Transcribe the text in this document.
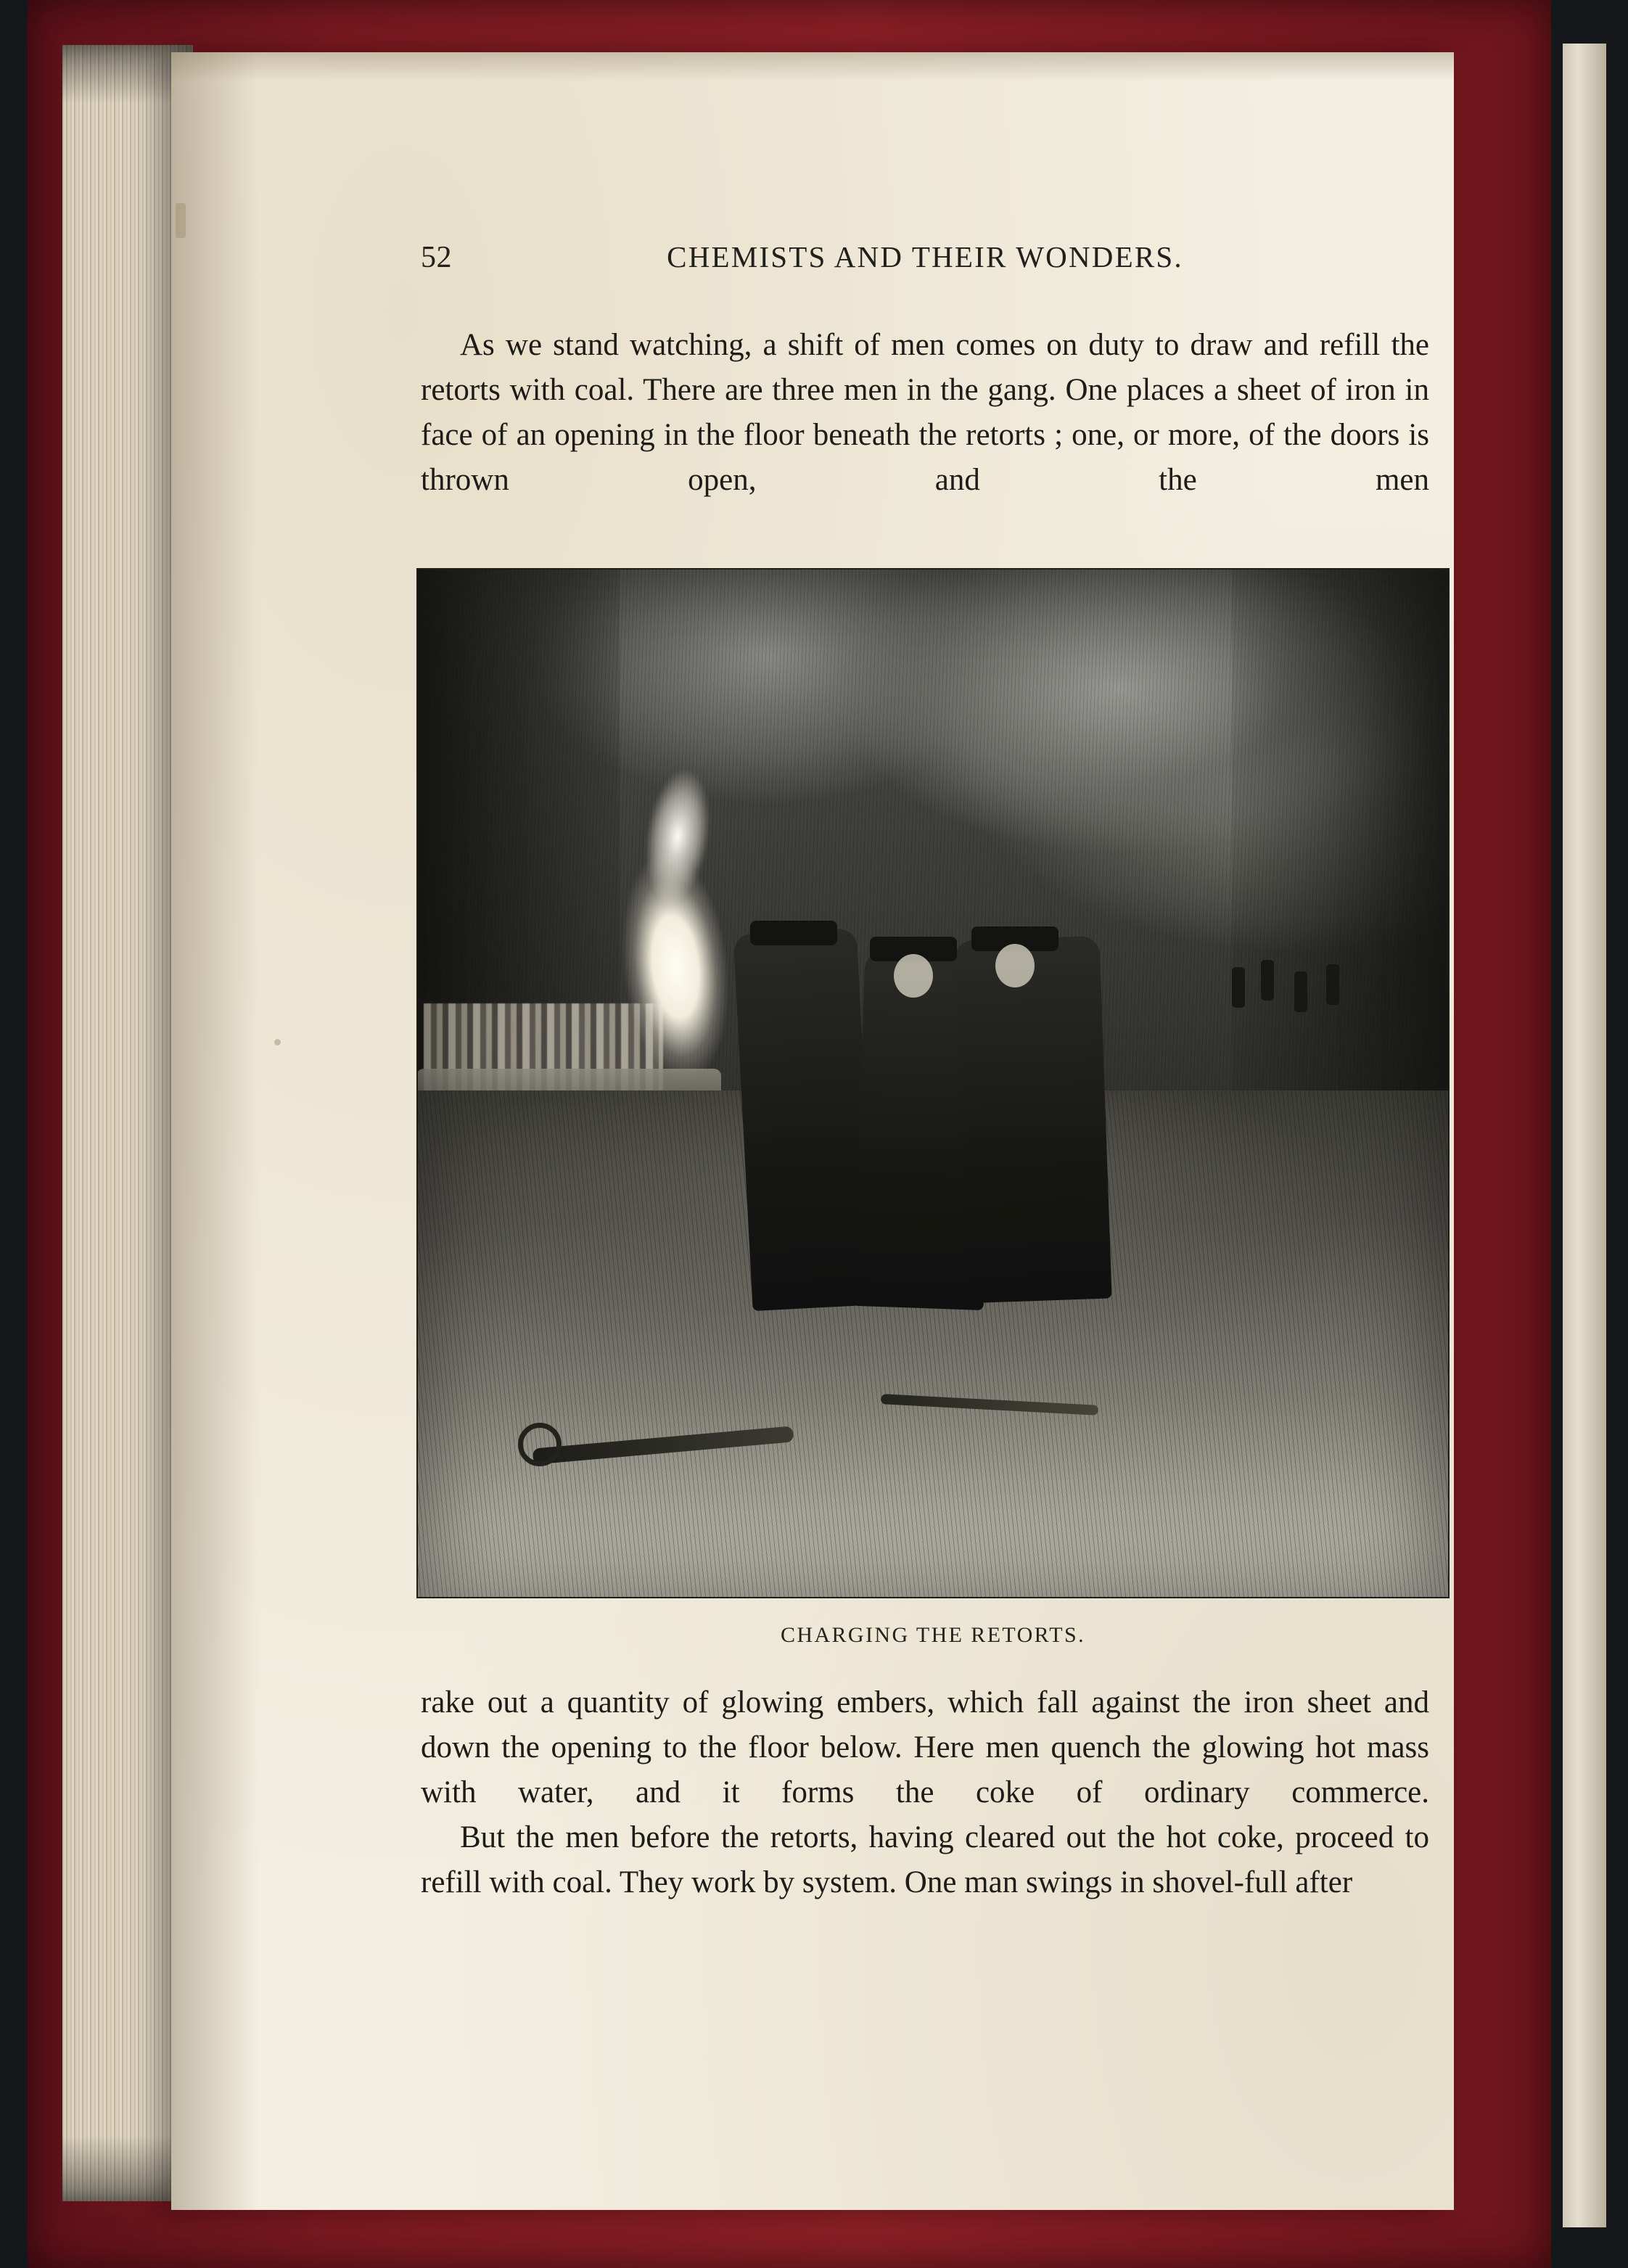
52	CHEMISTS AND THEIR WONDERS.

As we stand watching, a shift of men comes on duty to draw and refill the retorts with coal. There are three men in the gang. One places a sheet of iron in face of an opening in the floor beneath the retorts ; one, or more, of the doors is thrown open, and the men

CHARGING THE RETORTS.

rake out a quantity of glowing embers, which fall against the iron sheet and down the opening to the floor below. Here men quench the glowing hot mass with water, and it forms the coke of ordinary commerce.

But the men before the retorts, having cleared out the hot coke, proceed to refill with coal. They work by system. One man swings in shovel-full after
